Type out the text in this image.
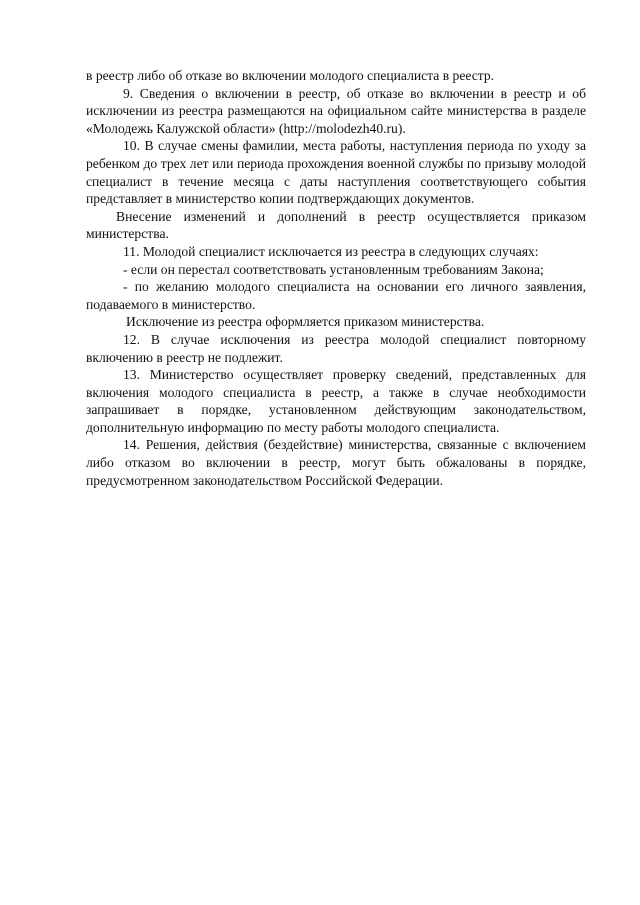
в реестр либо об отказе во включении молодого специалиста в реестр.

9. Сведения о включении в реестр, об отказе во включении в реестр и об исключении из реестра размещаются на официальном сайте министерства в разделе «Молодежь Калужской области» (http://molodezh40.ru).

10. В случае смены фамилии, места работы, наступления периода по уходу за ребенком до трех лет или периода прохождения военной службы по призыву молодой специалист в течение месяца с даты наступления соответствующего события представляет в министерство копии подтверждающих документов.

Внесение изменений и дополнений в реестр осуществляется приказом министерства.

11. Молодой специалист исключается из реестра в следующих случаях:

- если он перестал соответствовать установленным требованиям Закона;

- по желанию молодого специалиста на основании его личного заявления, подаваемого в министерство.

Исключение из реестра оформляется приказом министерства.

12. В случае исключения из реестра молодой специалист повторному включению в реестр не подлежит.

13. Министерство осуществляет проверку сведений, представленных для включения молодого специалиста в реестр, а также в случае необходимости запрашивает в порядке, установленном действующим законодательством, дополнительную информацию по месту работы молодого специалиста.

14. Решения, действия (бездействие) министерства, связанные с включением либо отказом во включении в реестр, могут быть обжалованы в порядке, предусмотренном законодательством Российской Федерации.
